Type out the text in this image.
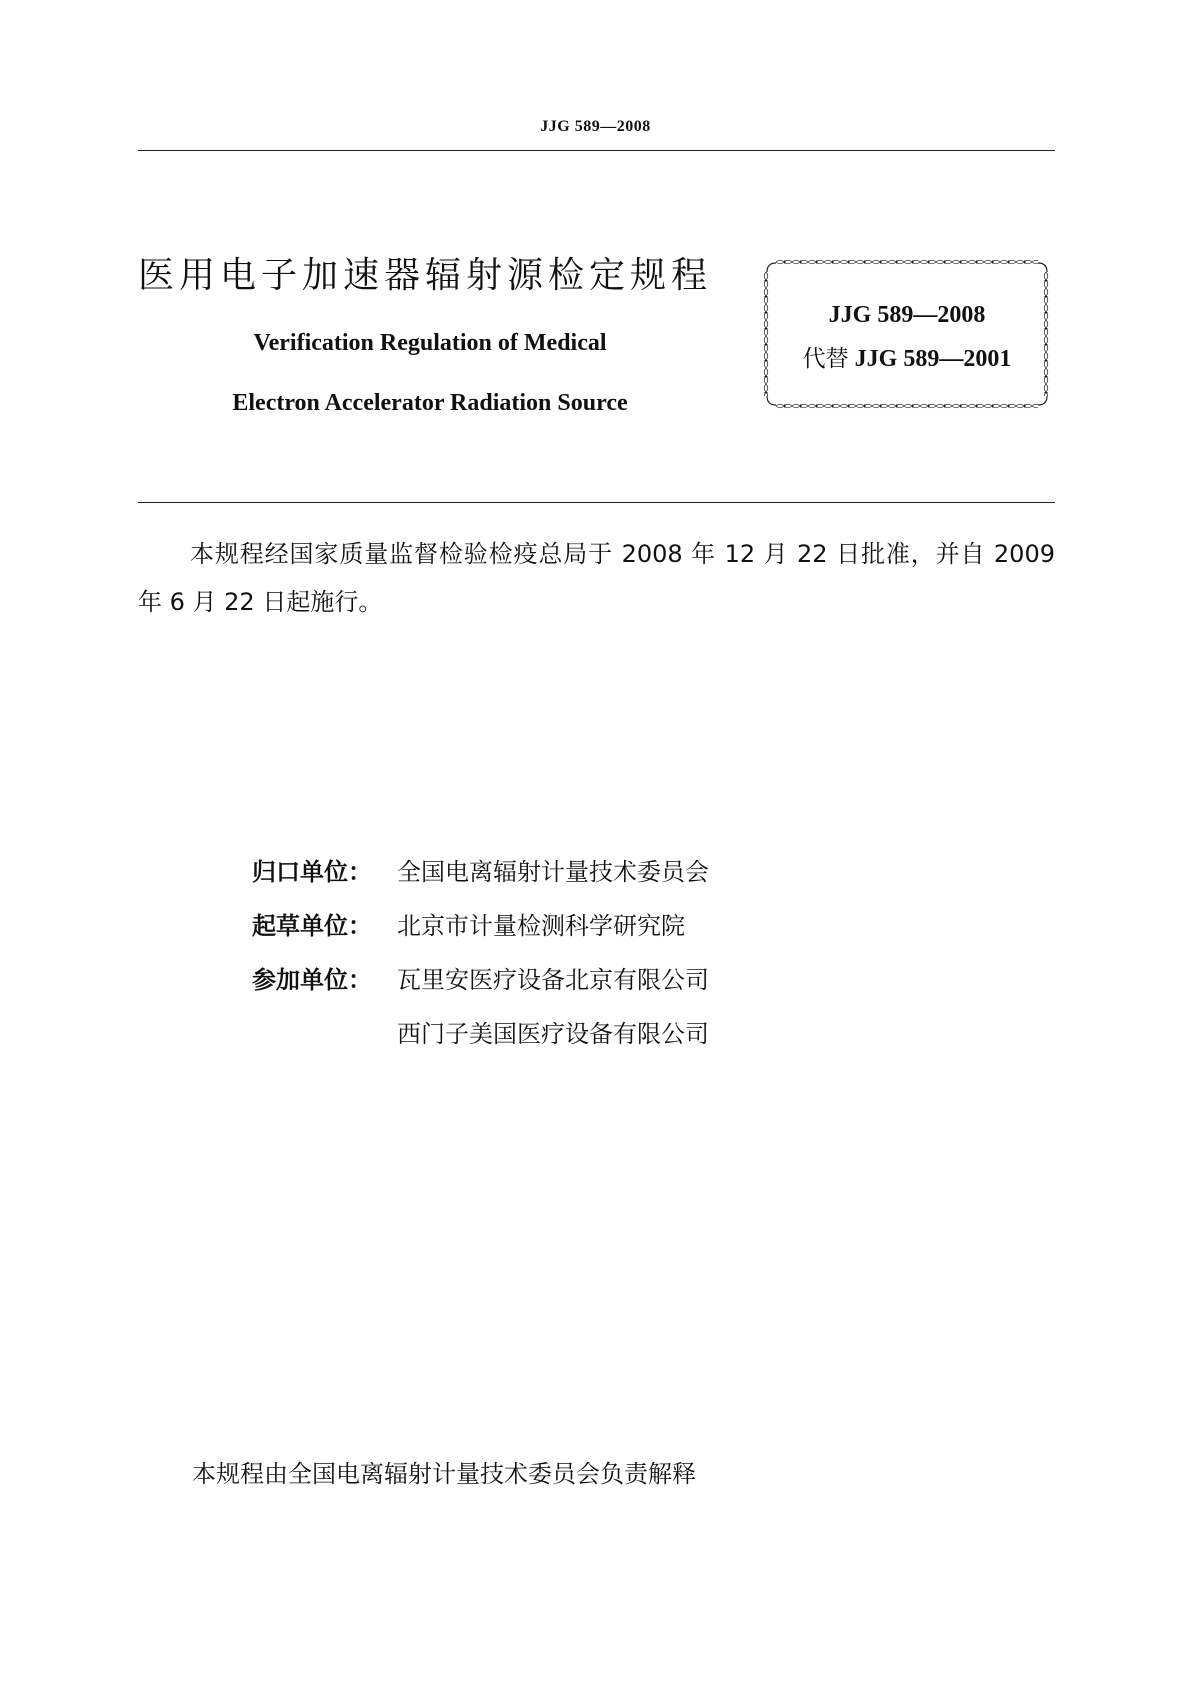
JJG 589—2008
医用电子加速器辐射源检定规程
Verification Regulation of Medical
Electron Accelerator Radiation Source
JJG 589—2008
代替 JJG 589—2001
本规程经国家质量监督检验检疫总局于 2008 年 12 月 22 日批准，并自 2009 年 6 月 22 日起施行。
归口单位： 全国电离辐射计量技术委员会
起草单位： 北京市计量检测科学研究院
参加单位： 瓦里安医疗设备北京有限公司
西门子美国医疗设备有限公司
本规程由全国电离辐射计量技术委员会负责解释
